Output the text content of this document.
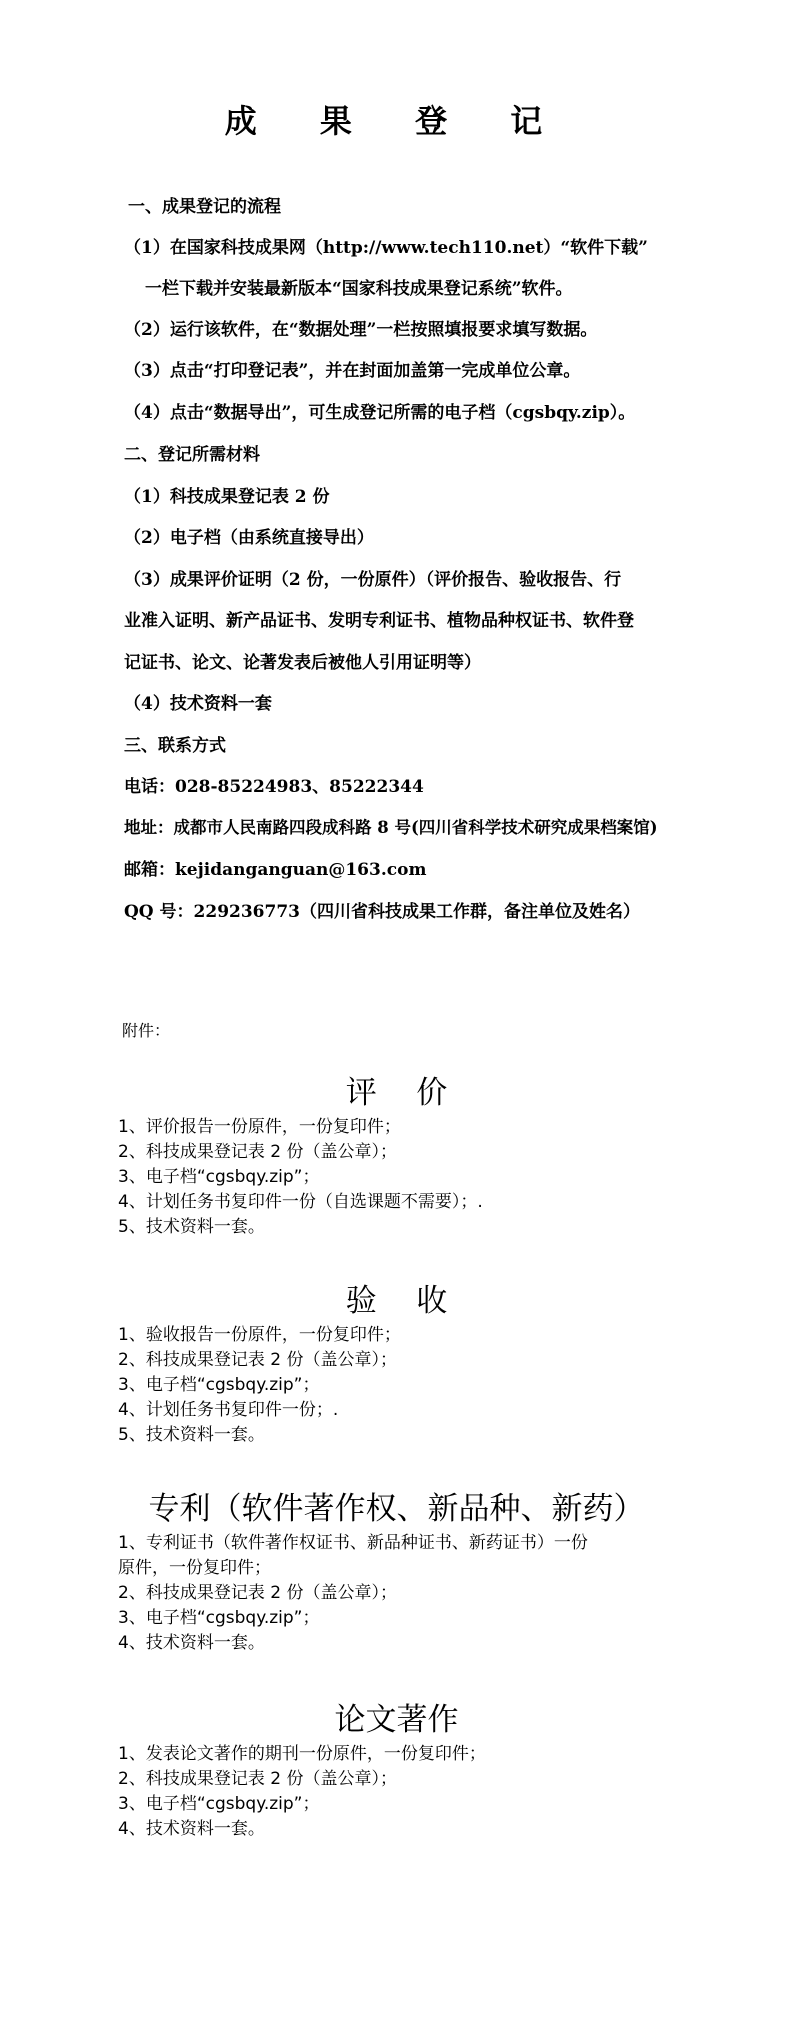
成 果 登 记
一、成果登记的流程
（1）在国家科技成果网（http://www.tech110.net）“软件下载”
一栏下载并安装最新版本“国家科技成果登记系统”软件。
（2）运行该软件，在“数据处理”一栏按照填报要求填写数据。
（3）点击“打印登记表”，并在封面加盖第一完成单位公章。
（4）点击“数据导出”，可生成登记所需的电子档（cgsbqy.zip）。
二、登记所需材料
（1）科技成果登记表 2 份
（2）电子档（由系统直接导出）
（3）成果评价证明（2 份，一份原件）（评价报告、验收报告、行
业准入证明、新产品证书、发明专利证书、植物品种权证书、软件登
记证书、论文、论著发表后被他人引用证明等）
（4）技术资料一套
三、联系方式
电话：028-85224983、85222344
地址：成都市人民南路四段成科路 8 号(四川省科学技术研究成果档案馆)
邮箱：kejidanganguan@163.com
QQ 号：229236773（四川省科技成果工作群，备注单位及姓名）
附件：
评    价
1、评价报告一份原件，一份复印件；
2、科技成果登记表 2 份（盖公章）；
3、电子档“cgsbqy.zip”；
4、计划任务书复印件一份（自选课题不需要）；.
5、技术资料一套。
验    收
1、验收报告一份原件，一份复印件；
2、科技成果登记表 2 份（盖公章）；
3、电子档“cgsbqy.zip”；
4、计划任务书复印件一份；.
5、技术资料一套。
专利（软件著作权、新品种、新药）
1、专利证书（软件著作权证书、新品种证书、新药证书）一份
原件，一份复印件；
2、科技成果登记表 2 份（盖公章）；
3、电子档“cgsbqy.zip”；
4、技术资料一套。
论文著作
1、发表论文著作的期刊一份原件，一份复印件；
2、科技成果登记表 2 份（盖公章）；
3、电子档“cgsbqy.zip”；
4、技术资料一套。
